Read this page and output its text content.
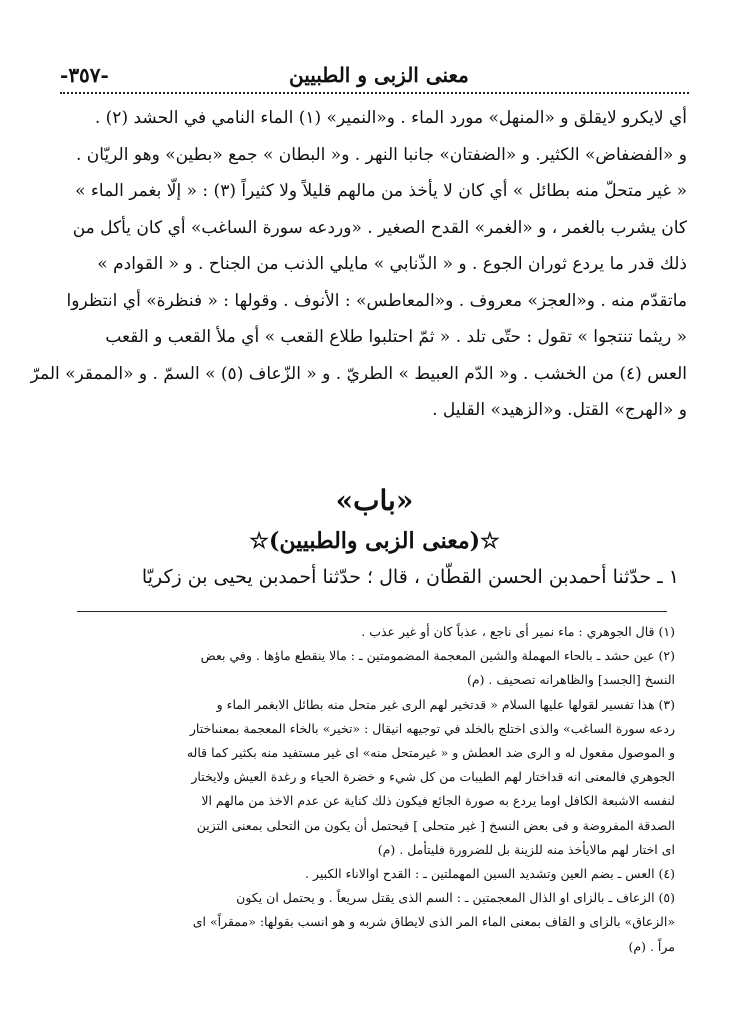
-٣٥٧-	معنى الزبى و الطبيين
أي لايكرو لايقلق و «المنهل» مورد الماء . و«النمير» (١) الماء النامي في الحشد (٢) .
و «الفضفاض» الكثير. و «الضفتان» جانبا النهر . و« البطان » جمع «بطين» وهو الريّان .
« غير متحلّ منه بطائل » أي كان لا يأخذ من مالهم قليلاً ولا كثيراً (٣) : « إلّا بغمر الماء »
كان يشرب بالغمر ، و «الغمر» القدح الصغير . «وردعه سورة الساغب» أي كان يأكل من
ذلك قدر ما يردع ثوران الجوع . و « الذّنابي » مايلي الذنب من الجناح . و « القوادم »
ماتقدّم منه . و«العجز» معروف . و«المعاطس» : الأنوف . وقولها : « فنظرة» أي انتظروا
« ريثما تنتجوا » تقول : حتّى تلد . « ثمّ احتلبوا طلاع القعب » أي ملأ القعب و القعب
العس (٤) من الخشب . و« الدّم العبيط » الطريّ . و « الزّعاف (٥) » السمّ . و «الممقر» المرّ
و «الهرج» القتل. و«الزهيد» القليل .
«باب»
☆(معنى الزبى والطبيين)☆
١ ـ حدّثنا أحمدبن الحسن القطّان ، قال ؛ حدّثنا أحمدبن يحيى بن زكريّا
(١) قال الجوهري : ماء نمير أى ناجع ، عذباً كان أو غير عذب .
(٢) عين حشد ـ بالحاء المهملة والشين المعجمة المضمومتين ـ : مالا ينقطع ماؤها . وفي بعض
النسخ [الجسد] والظاهرانه تصحيف . (م)
(٣) هذا تفسير لقولها عليها السلام « قدتخير لهم الرى غير متحل منه بطائل الابغمر الماء و
ردعه سورة الساغب» والذى اختلج بالخلد في توجيهه انيقال : «تخير» بالخاء المعجمة بمعنىاختار
و الموصول مفعول له و الرى ضد العطش و « غيرمتحل منه» اى غير مستفيد منه بكثير كما قاله
الجوهري فالمعنى انه قداختار لهم الطيبات من كل شيء و خضرة الحياء و رغدة العيش ولايختار
لنفسه الاشبعة الكافل اوما يردع به صورة الجائع فيكون ذلك كناية عن عدم الاخذ من مالهم الا
الصدقة المفروضة و فى بعض النسخ [ غير متحلى ] فيحتمل أن يكون من التحلى بمعنى التزين
اى اختار لهم مالايأخذ منه للزينة بل للضرورة فليتأمل . (م)
(٤) العس ـ بضم العين وتشديد السين المهملتين ـ : القدح اوالاناء الكبير .
(٥) الزعاف ـ بالزاى او الذال المعجمتين ـ : السم الذى يقتل سريعاً . و يحتمل ان يكون
«الزعاق» بالزاى و القاف بمعنى الماء المر الذى لايطاق شربه و هو انسب بقولها: «ممقراً» اى
مراً . (م)
